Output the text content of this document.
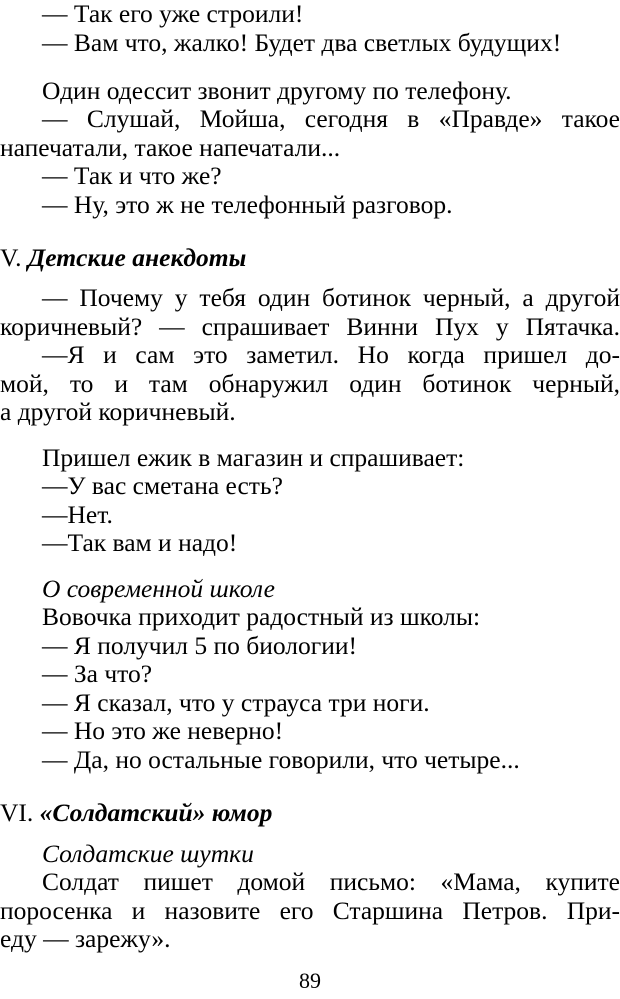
— Так его уже строили!
— Вам что, жалко! Будет два светлых будущих!
Один одессит звонит другому по телефону.
— Слушай, Мойша, сегодня в «Правде» такое
напечатали, такое напечатали...
— Так и что же?
— Ну, это ж не телефонный разговор.
V. Детские анекдоты
— Почему у тебя один ботинок черный, а другой
коричневый? — спрашивает Винни Пух у Пятачка.
—Я и сам это заметил. Но когда пришел до-
мой, то и там обнаружил один ботинок черный,
а другой коричневый.
Пришел ежик в магазин и спрашивает:
—У вас сметана есть?
—Нет.
—Так вам и надо!
О современной школе
Вовочка приходит радостный из школы:
— Я получил 5 по биологии!
— За что?
— Я сказал, что у страуса три ноги.
— Но это же неверно!
— Да, но остальные говорили, что четыре...
VI. «Солдатский» юмор
Солдатские шутки
Солдат пишет домой письмо: «Мама, купите
поросенка и назовите его Старшина Петров. При-
еду — зарежу».
89
